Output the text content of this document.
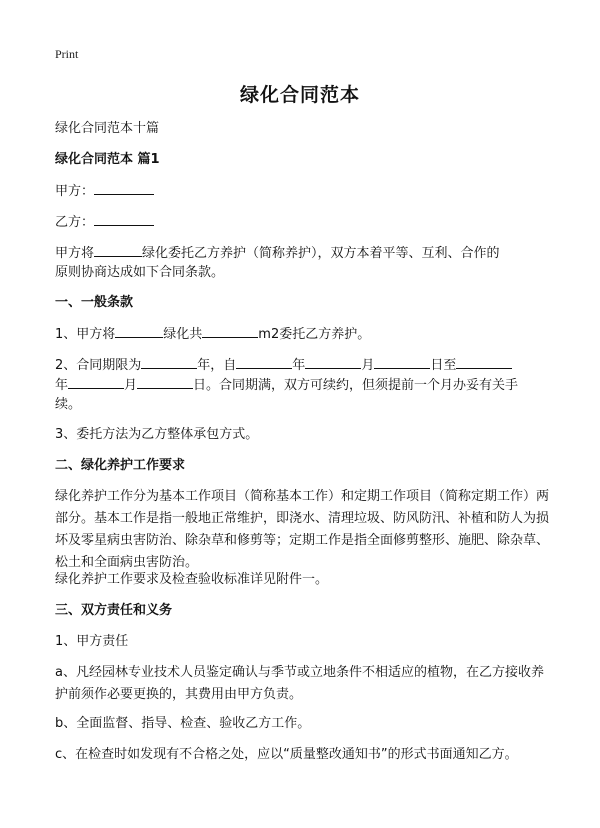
Print
绿化合同范本
绿化合同范本十篇
绿化合同范本 篇1
甲方：
乙方：
甲方将	绿化委托乙方养护（简称养护），双方本着平等、互利、合作的
原则协商达成如下合同条款。
一、一般条款
1、甲方将	绿化共	m2委托乙方养护。
2、合同期限为	年，自	年	月	日至
年	月	日。合同期满，双方可续约，但须提前一个月办妥有关手
续。
3、委托方法为乙方整体承包方式。
二、绿化养护工作要求
绿化养护工作分为基本工作项目（简称基本工作）和定期工作项目（简称定期工作）两部分。基本工作是指一般地正常维护，即浇水、清理垃圾、防风防汛、补植和防人为损坏及零星病虫害防治、除杂草和修剪等；定期工作是指全面修剪整形、施肥、除杂草、松土和全面病虫害防治。
绿化养护工作要求及检查验收标准详见附件一。
三、双方责任和义务
1、甲方责任
a、凡经园林专业技术人员鉴定确认与季节或立地条件不相适应的植物，在乙方接收养护前须作必要更换的，其费用由甲方负责。
b、全面监督、指导、检查、验收乙方工作。
c、在检查时如发现有不合格之处，应以“质量整改通知书”的形式书面通知乙方。
